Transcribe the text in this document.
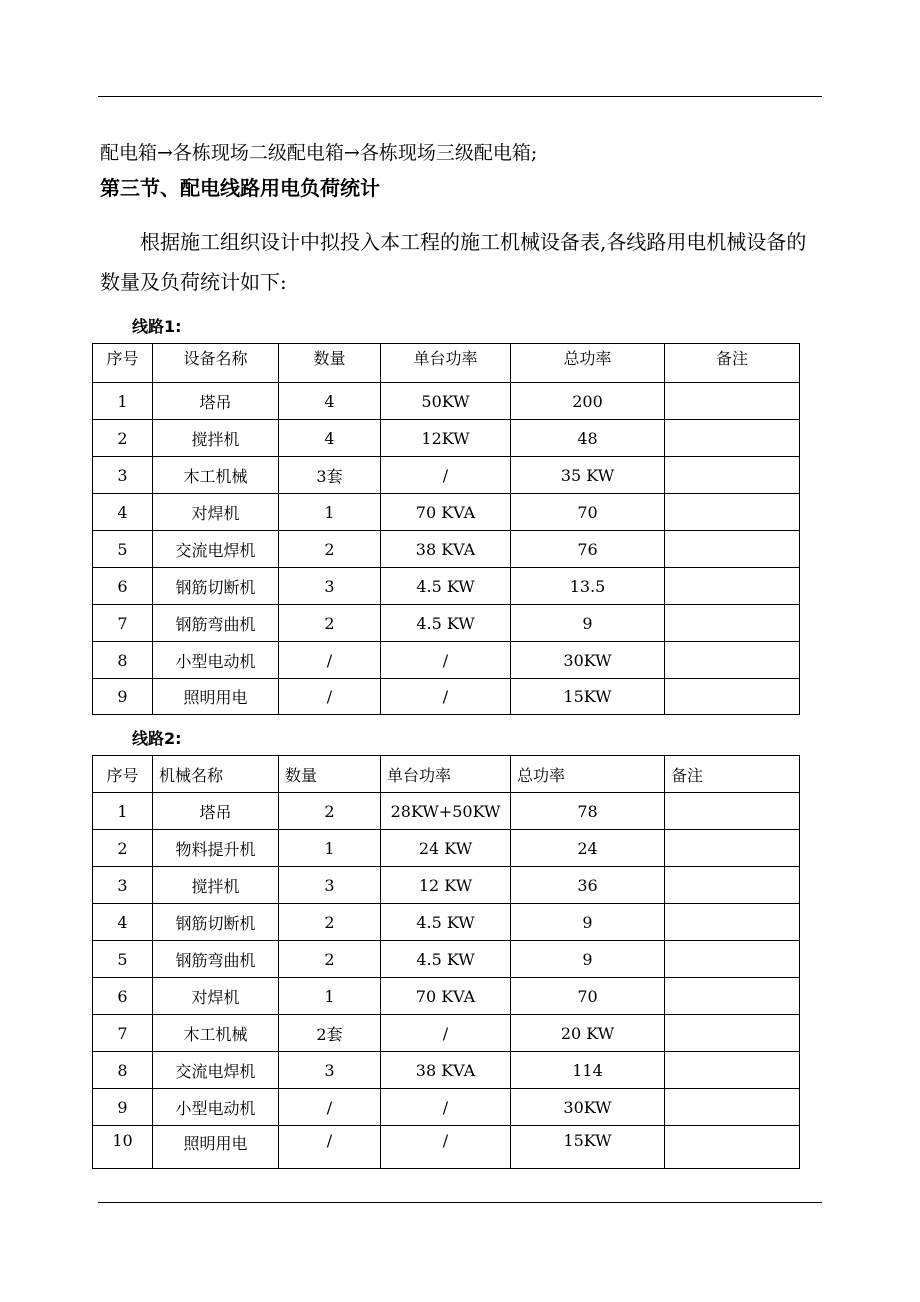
配电箱→各栋现场二级配电箱→各栋现场三级配电箱;
第三节、配电线路用电负荷统计

根据施工组织设计中拟投入本工程的施工机械设备表,各线路用电机械设备的数量及负荷统计如下:

线路1:
序号	设备名称	数量	单台功率	总功率	备注
1	塔吊	4	50KW	200	
2	搅拌机	4	12KW	48	
3	木工机械	3套	/	35 KW	
4	对焊机	1	70 KVA	70	
5	交流电焊机	2	38 KVA	76	
6	钢筋切断机	3	4.5 KW	13.5	
7	钢筋弯曲机	2	4.5 KW	9	
8	小型电动机	/	/	30KW	
9	照明用电	/	/	15KW	
线路2:
序号	机械名称	数量	单台功率	总功率	备注
1	塔吊	2	28KW+50KW	78	
2	物料提升机	1	24 KW	24	
3	搅拌机	3	12 KW	36	
4	钢筋切断机	2	4.5 KW	9	
5	钢筋弯曲机	2	4.5 KW	9	
6	对焊机	1	70 KVA	70	
7	木工机械	2套	/	20 KW	
8	交流电焊机	3	38 KVA	114	
9	小型电动机	/	/	30KW	
10	照明用电	/	/	15KW	
